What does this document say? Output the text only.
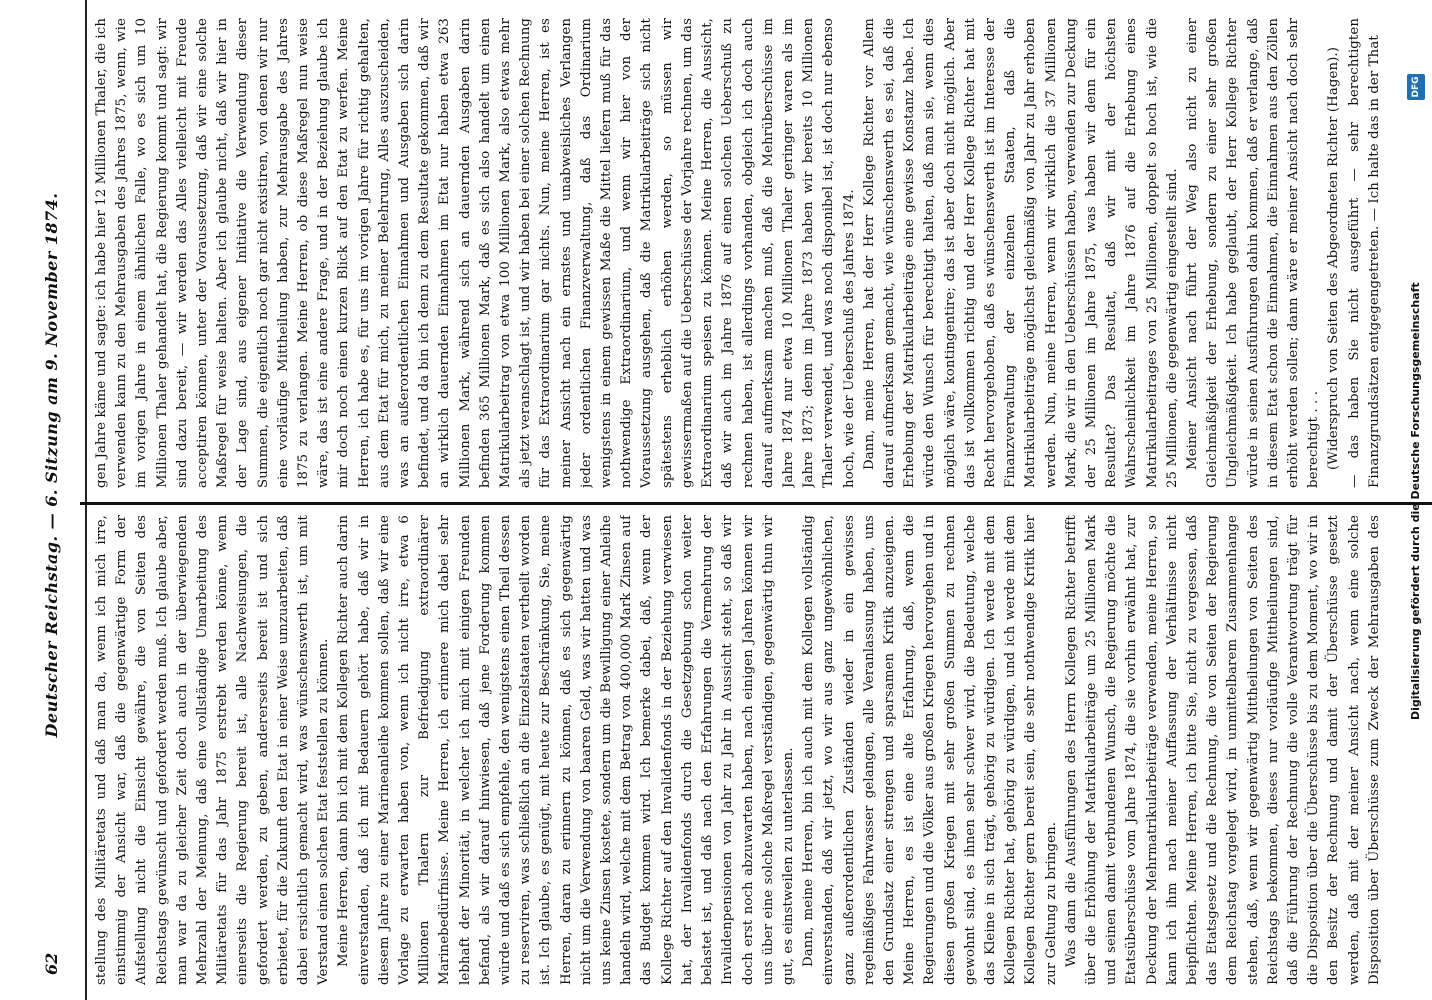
62
Deutscher Reichstag. — 6. Sitzung am 9. November 1874.

stellung des Militäretats und daß man da, wenn ich mich irre, einstimmig der Ansicht war, daß die gegenwärtige Form der Aufstellung nicht die Einsicht gewähre, die von Seiten des Reichstags gewünscht und gefordert werden muß. Ich glaube aber, man war da zu gleicher Zeit doch auch in der überwiegenden Mehrzahl der Meinung, daß eine vollständige Umarbeitung des Militäretats für das Jahr 1875 erstrebt werden könne, wenn einerseits die Regierung bereit ist, alle Nachweisungen, die gefordert werden, zu geben, andererseits bereit ist und sich erbietet, für die Zukunft den Etat in einer Weise umzuarbeiten, daß dabei ersichtlich gemacht wird, was wünschenswerth ist, um mit Verstand einen solchen Etat feststellen zu können. Meine Herren, dann bin ich mit dem Kollegen Richter auch darin einverstanden, daß ich mit Bedauern gehört habe, daß wir in diesem Jahre zu einer Marineanleihe kommen sollen, daß wir eine Vorlage zu erwarten haben von, wenn ich nicht irre, etwa 6 Millionen Thalern zur Befriedigung extraordinärer Marinebedürfnisse. Meine Herren, ich erinnere mich dabei sehr lebhaft der Minorität, in welcher ich mich mit einigen Freunden befand, als wir darauf hinwiesen, daß jene Forderung kommen würde und daß es sich empfehle, den wenigstens einen Theil dessen zu reserviren, was schließlich an die Einzelstaaten vertheilt worden ist. Ich glaube, es genügt, mit heute zur Beschränkung, Sie, meine Herren, daran zu erinnern zu können, daß es sich gegenwärtig nicht um die Verwendung von baaren Geld, was wir hatten und was uns keine Zinsen kostete, sondern um die Bewilligung einer Anleihe handeln wird, welche mit dem Betrag von 400,000 Mark Zinsen auf das Budget kommen wird. Ich bemerke dabei, daß, wenn der Kollege Richter auf den Invalidenfonds in der Beziehung verwiesen hat, der Invalidenfonds durch die Gesetzgebung schon weiter belastet ist, und daß nach den Erfahrungen die Vermehrung der Invalidenpensionen von Jahr zu Jahr in Aussicht steht, so daß wir doch erst noch abzuwarten haben, nach einigen Jahren können wir uns über eine solche Maßregel verständigen, gegenwärtig thun wir gut, es einstweilen zu unterlassen. Dann, meine Herren, bin ich auch mit dem Kollegen vollständig einverstanden, daß wir jetzt, wo wir aus ganz ungewöhnlichen, ganz außerordentlichen Zuständen wieder in ein gewisses regelmäßiges Fahrwasser gelangen, alle Veranlassung haben, uns den Grundsatz einer strengen und sparsamen Kritik anzueignen. Meine Herren, es ist eine alte Erfahrung, daß, wenn die Regierungen und die Völker aus großen Kriegen hervorgehen und in diesen großen Kriegen mit sehr großen Summen zu rechnen gewohnt sind, es ihnen sehr schwer wird, die Bedeutung, welche das Kleine in sich trägt, gehörig zu würdigen. Ich werde mit dem Kollegen Richter hat, gehörig zu würdigen, und ich werde mit dem Kollegen Richter gern bereit sein, die sehr nothwendige Kritik hier zur Geltung zu bringen. Was dann die Ausführungen des Herrn Kollegen Richter betrifft über die Erhöhung der Matrikularbeiträge um 25 Millionen Mark und seinen damit verbundenen Wunsch, die Regierung möchte die Etatsüberschüsse vom Jahre 1874, die sie vorhin erwähnt hat, zur Deckung der Mehrmatrikularbeiträge verwenden, meine Herren, so kann ich ihm nach meiner Auffassung der Verhältnisse nicht beipflichten. Meine Herren, ich bitte Sie, nicht zu vergessen, daß das Etatsgesetz und die Rechnung, die von Seiten der Regierung dem Reichstag vorgelegt wird, in unmittelbarem Zusammenhange stehen, daß, wenn wir gegenwärtig Mittheilungen von Seiten des Reichstags bekommen, dieses nur vorläufige Mittheilungen sind, daß die Führung der Rechnung die volle Verantwortung trägt für die Disposition über die Überschüsse bis zu dem Moment, wo wir in den Besitz der Rechnung und damit der Überschüsse gesetzt werden, daß mit der meiner Ansicht nach, wenn eine solche Disposition über Überschüsse zum Zweck der Mehrausgaben des

gen Jahre käme und sagte: ich habe hier 12 Millionen Thaler, die ich verwenden kann zu den Mehrausgaben des Jahres 1875, wenn, wie im vorigen Jahre in einem ähnlichen Falle, wo es sich um 10 Millionen Thaler gehandelt hat, die Regierung kommt und sagt: wir sind dazu bereit, — wir werden das Alles vielleicht mit Freude acceptiren können, unter der Voraussetzung, daß wir eine solche Maßregel für weise halten. Aber ich glaube nicht, daß wir hier in der Lage sind, aus eigener Initiative die Verwendung dieser Summen, die eigentlich noch gar nicht existiren, von denen wir nur eine vorläufige Mittheilung haben, zur Mehrausgabe des Jahres 1875 zu verlangen. Meine Herren, ob diese Maßregel nun weise wäre, das ist eine andere Frage, und in der Beziehung glaube ich mir doch noch einen kurzen Blick auf den Etat zu werfen. Meine Herren, ich habe es, für uns im vorigen Jahre für richtig gehalten, aus dem Etat für mich, zu meiner Belehrung, Alles auszuscheiden, was an außerordentlichen Einnahmen und Ausgaben sich darin befindet, und da bin ich denn zu dem Resultate gekommen, daß wir an wirklich dauernden Einnahmen im Etat nur haben etwa 263 Millionen Mark, während sich an dauernden Ausgaben darin befinden 365 Millionen Mark, daß es sich also handelt um einen Matrikularbeitrag von etwa 100 Millionen Mark, also etwas mehr als jetzt veranschlagt ist, und wir haben bei einer solchen Rechnung für das Extraordinarium gar nichts. Nun, meine Herren, ist es meiner Ansicht nach ein ernstes und unabweisliches Verlangen jeder ordentlichen Finanzverwaltung, daß das Ordinarium wenigstens in einem gewissen Maße die Mittel liefern muß für das nothwendige Extraordinarium, und wenn wir hier von der Voraussetzung ausgehen, daß die Matrikularbeiträge sich nicht spätestens erheblich erhöhen werden, so müssen wir gewissermaßen auf die Ueberschüsse der Vorjahre rechnen, um das Extraordinarium speisen zu können. Meine Herren, die Aussicht, daß wir auch im Jahre 1876 auf einen solchen Ueberschuß zu rechnen haben, ist allerdings vorhanden, obgleich ich doch auch darauf aufmerksam machen muß, daß die Mehrüberschüsse im Jahre 1874 nur etwa 10 Millionen Thaler geringer waren als im Jahre 1873; denn im Jahre 1873 haben wir bereits 10 Millionen Thaler verwendet, und was noch disponibel ist, ist doch nur ebenso hoch, wie der Ueberschuß des Jahres 1874. Dann, meine Herren, hat der Herr Kollege Richter vor Allem darauf aufmerksam gemacht, wie wünschenswerth es sei, daß die Erhebung der Matrikularbeiträge eine gewisse Konstanz habe. Ich würde den Wunsch für berechtigt halten, daß man sie, wenn dies möglich wäre, kontingentire; das ist aber doch nicht möglich. Aber das ist vollkommen richtig und der Herr Kollege Richter hat mit Recht hervorgehoben, daß es wünschenswerth ist im Interesse der Finanzverwaltung der einzelnen Staaten, daß die Matrikularbeiträge möglichst gleichmäßig von Jahr zu Jahr erhoben werden. Nun, meine Herren, wenn wir wirklich die 37 Millionen Mark, die wir in den Ueberschüssen haben, verwenden zur Deckung der 25 Millionen im Jahre 1875, was haben wir denn für ein Resultat? Das Resultat, daß wir mit der höchsten Wahrscheinlichkeit im Jahre 1876 auf die Erhebung eines Matrikularbeitrages von 25 Millionen, doppelt so hoch ist, wie die 25 Millionen, die gegenwärtig eingestellt sind. Meiner Ansicht nach führt der Weg also nicht zu einer Gleichmäßigkeit der Erhebung, sondern zu einer sehr großen Ungleichmäßigkeit. Ich habe geglaubt, der Herr Kollege Richter würde in seinen Ausführungen dahin kommen, daß er verlange, daß in diesem Etat schon die Einnahmen, die Einnahmen aus den Zöllen erhöht werden sollen; dann wäre er meiner Ansicht nach doch sehr berechtigt . . . (Widerspruch von Seiten des Abgeordneten Richter (Hagen).) — das haben Sie nicht ausgeführt — sehr berechtigten Finanzgrundsätzen entgegengetreten. — Ich halte das in der That

Digitalisierung gefördert durch die Deutsche Forschungsgemeinschaft
DFG
